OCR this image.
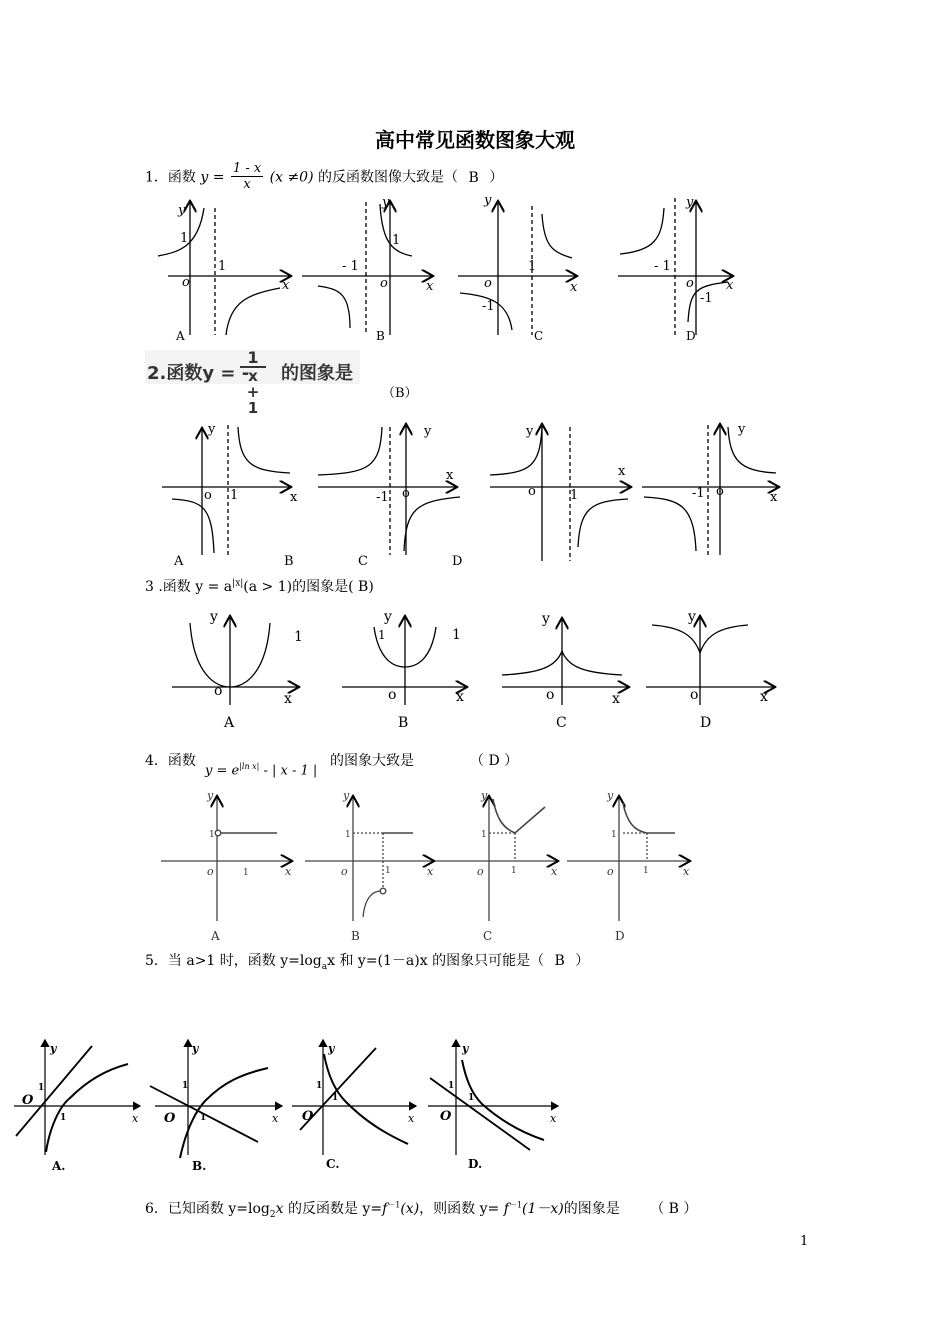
高中常见函数图象大观
1．函数 $y = \frac{1 - x}{x} (x \ne 0)$ 的反函数图像大致是（ B ）
y
x
o
1
1
A
y
x
o
- 1
1
B
y
x
o
1
-1
C
y
x
o
- 1
-1
D
2.函数y = -
$\frac{1}{x + 1}$ 的图象是
（B）
y
x
o 1
A
y
x
o
-1
B
y
x
o	1
C
y
x
o
-1
D
3 .函数 $y = a^{|x|}(a > 1)$的图象是( B)
y
x
o
1
A
y
x
o
1	1
B
y
x
o
C
y
x
o
D
4．函数
$y = e^{|ln x|}$ - | x - 1 |
的图象大致是	（ D ）
y
x
o
1
1
A
y
x
o
1
1
B
y
x
o
1
1
C
y
x
o
1
1
D
5．当 a>1 时，函数 $y=\log_ax$ 和 y=(1－a)x 的图象只可能是（ B ）
y
x
O
1
1
A.
y
x
O
1
1
B.
y
x
O
1
1
C.
y
x
O
1
1
D.
6．已知函数 $y=\log_2x$ 的反函数是 $y=f^{-1}(x)$，则函数 $y= f^{-1}(1-x)$的图象是 （ B ）
1
